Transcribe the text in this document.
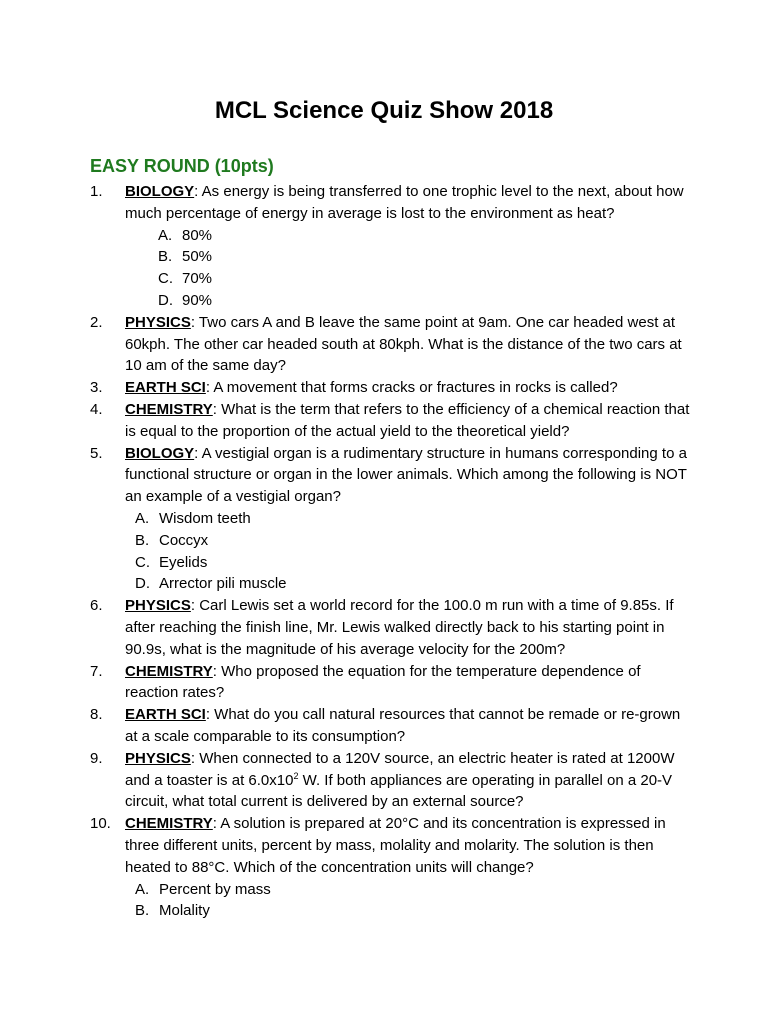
MCL Science Quiz Show 2018
EASY ROUND (10pts)
1.	BIOLOGY: As energy is being transferred to one trophic level to the next, about how much percentage of energy in average is lost to the environment as heat?
A. 80%
B. 50%
C. 70%
D. 90%
2.	PHYSICS: Two cars A and B leave the same point at 9am. One car headed west at 60kph. The other car headed south at 80kph. What is the distance of the two cars at 10 am of the same day?
3.	EARTH SCI: A movement that forms cracks or fractures in rocks is called?
4.	CHEMISTRY: What is the term that refers to the efficiency of a chemical reaction that is equal to the proportion of the actual yield to the theoretical yield?
5.	BIOLOGY: A vestigial organ is a rudimentary structure in humans corresponding to a functional structure or organ in the lower animals. Which among the following is NOT an example of a vestigial organ?
A. Wisdom teeth
B. Coccyx
C. Eyelids
D. Arrector pili muscle
6.	PHYSICS: Carl Lewis set a world record for the 100.0 m run with a time of 9.85s. If after reaching the finish line, Mr. Lewis walked directly back to his starting point in 90.9s, what is the magnitude of his average velocity for the 200m?
7.	CHEMISTRY: Who proposed the equation for the temperature dependence of reaction rates?
8.	EARTH SCI: What do you call natural resources that cannot be remade or re-grown at a scale comparable to its consumption?
9.	PHYSICS: When connected to a 120V source, an electric heater is rated at 1200W and a toaster is at $6.0x10^2$ W. If both appliances are operating in parallel on a 20-V circuit, what total current is delivered by an external source?
10. CHEMISTRY: A solution is prepared at 20°C and its concentration is expressed in three different units, percent by mass, molality and molarity. The solution is then heated to 88°C. Which of the concentration units will change?
A. Percent by mass
B. Molality
